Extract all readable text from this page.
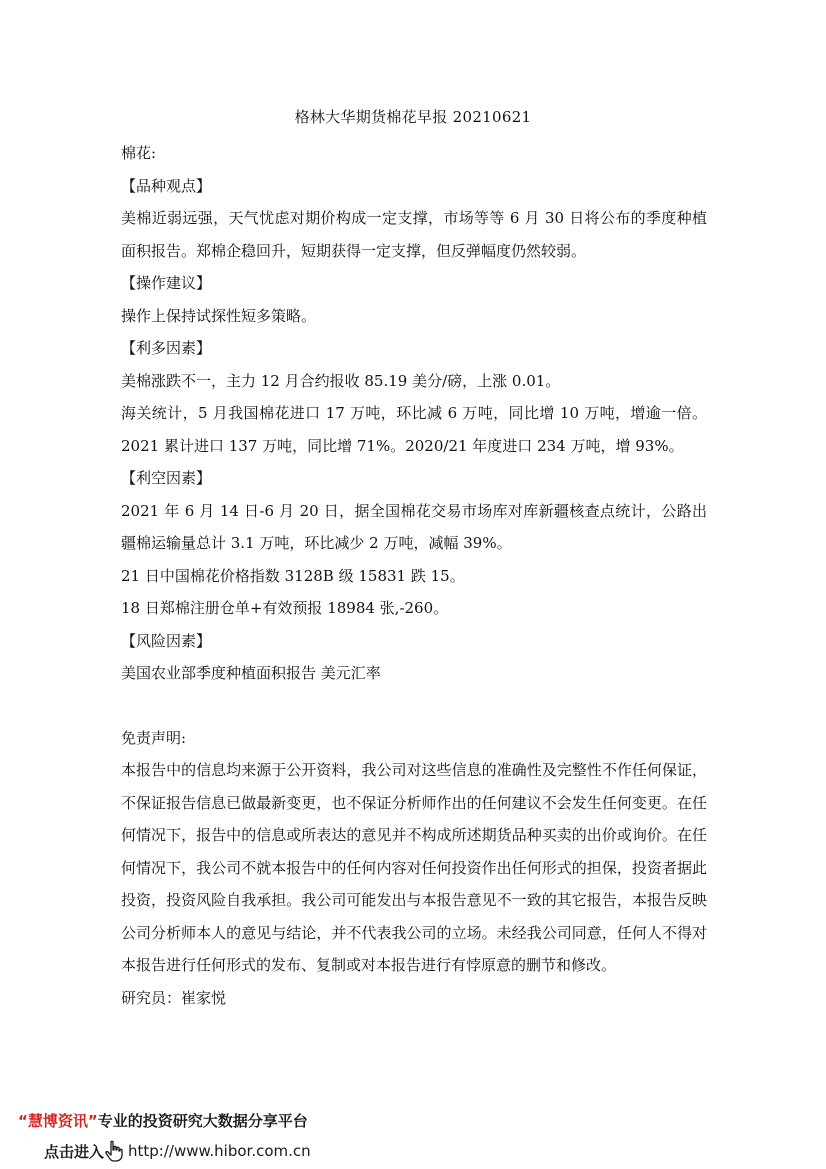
格林大华期货棉花早报 20210621

棉花:

【品种观点】

美棉近弱远强，天气忧虑对期价构成一定支撑，市场等等 6 月 30 日将公布的季度种植面积报告。郑棉企稳回升，短期获得一定支撑，但反弹幅度仍然较弱。

【操作建议】

操作上保持试探性短多策略。

【利多因素】

美棉涨跌不一，主力 12 月合约报收 85.19 美分/磅，上涨 0.01。

海关统计，5 月我国棉花进口 17 万吨，环比减 6 万吨，同比增 10 万吨，增逾一倍。2021 累计进口 137 万吨，同比增 71%。2020/21 年度进口 234 万吨，增 93%。

【利空因素】

2021 年 6 月 14 日-6 月 20 日，据全国棉花交易市场库对库新疆核查点统计，公路出疆棉运输量总计 3.1 万吨，环比减少 2 万吨，减幅 39%。

21 日中国棉花价格指数 3128B 级 15831 跌 15。

18 日郑棉注册仓单+有效预报 18984 张,-260。

【风险因素】

美国农业部季度种植面积报告 美元汇率

免责声明:

本报告中的信息均来源于公开资料，我公司对这些信息的准确性及完整性不作任何保证，不保证报告信息已做最新变更，也不保证分析师作出的任何建议不会发生任何变更。在任何情况下，报告中的信息或所表达的意见并不构成所述期货品种买卖的出价或询价。在任何情况下，我公司不就本报告中的任何内容对任何投资作出任何形式的担保，投资者据此投资，投资风险自我承担。我公司可能发出与本报告意见不一致的其它报告，本报告反映公司分析师本人的意见与结论，并不代表我公司的立场。未经我公司同意，任何人不得对本报告进行任何形式的发布、复制或对本报告进行有悖原意的删节和修改。

研究员：崔家悦

“慧博资讯”专业的投资研究大数据分享平台
点击进入 http://www.hibor.com.cn
